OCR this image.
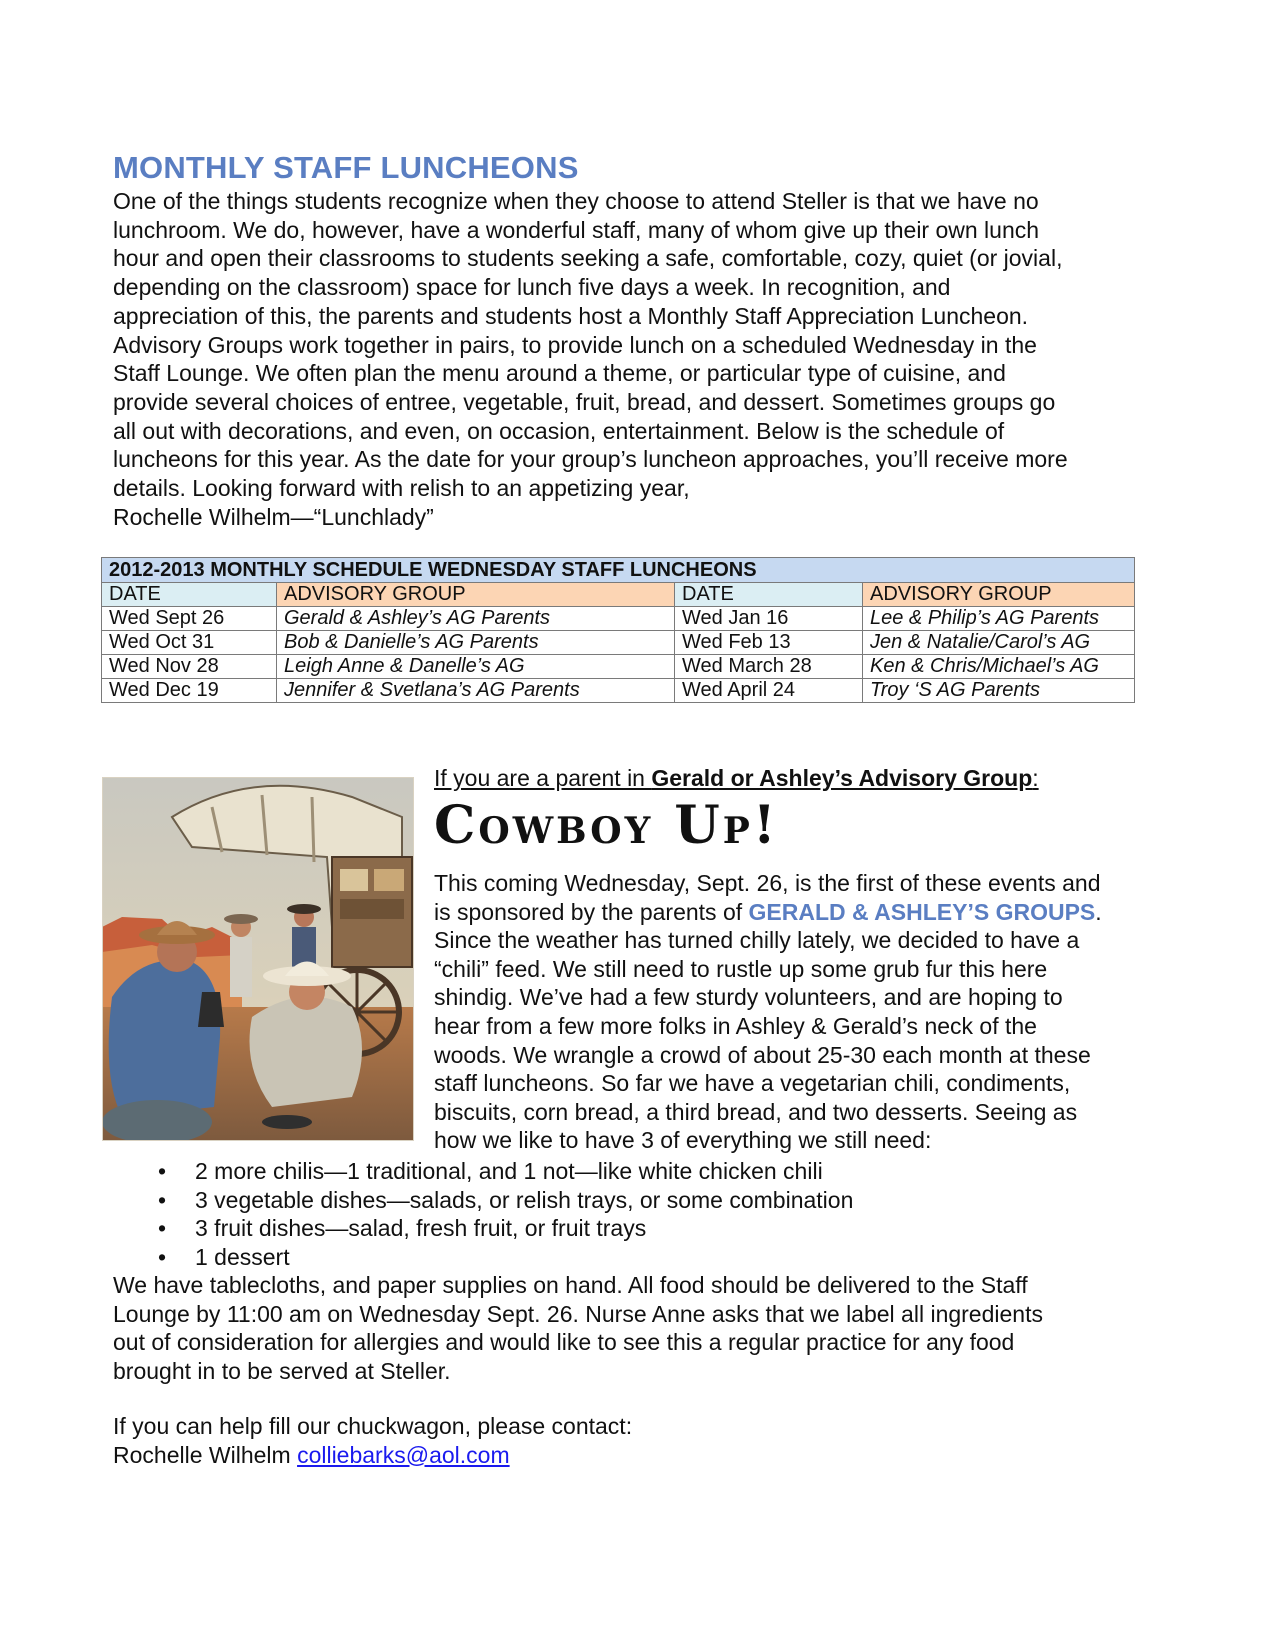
MONTHLY STAFF LUNCHEONS
One of the things students recognize when they choose to attend Steller is that we have no
lunchroom. We do, however, have a wonderful staff, many of whom give up their own lunch
hour and open their classrooms to students seeking a safe, comfortable, cozy, quiet (or jovial,
depending on the classroom) space for lunch five days a week. In recognition, and
appreciation of this, the parents and students host a Monthly Staff Appreciation Luncheon.
Advisory Groups work together in pairs, to provide lunch on a scheduled Wednesday in the
Staff Lounge. We often plan the menu around a theme, or particular type of cuisine, and
provide several choices of entree, vegetable, fruit, bread, and dessert. Sometimes groups go
all out with decorations, and even, on occasion, entertainment. Below is the schedule of
luncheons for this year. As the date for your group’s luncheon approaches, you’ll receive more
details. Looking forward with relish to an appetizing year,
Rochelle Wilhelm—“Lunchlady”
2012-2013 MONTHLY SCHEDULE WEDNESDAY STAFF LUNCHEONS			
DATE	ADVISORY GROUP	DATE	ADVISORY GROUP
Wed Sept 26	Gerald & Ashley’s AG Parents	Wed Jan 16	Lee & Philip’s AG Parents
Wed Oct 31	Bob & Danielle’s AG Parents	Wed Feb 13	Jen & Natalie/Carol’s AG
Wed Nov 28	Leigh Anne & Danelle’s AG	Wed March 28	Ken & Chris/Michael’s AG
Wed Dec 19	Jennifer & Svetlana’s AG Parents	Wed April 24	Troy ‘S AG Parents
If you are a parent in Gerald or Ashley’s Advisory Group:
Cowboy Up!
This coming Wednesday, Sept. 26, is the first of these events and
is sponsored by the parents of GERALD & ASHLEY’S GROUPS.
Since the weather has turned chilly lately, we decided to have a
“chili” feed. We still need to rustle up some grub fur this here
shindig. We’ve had a few sturdy volunteers, and are hoping to
hear from a few more folks in Ashley & Gerald’s neck of the
woods. We wrangle a crowd of about 25-30 each month at these
staff luncheons. So far we have a vegetarian chili, condiments,
biscuits, corn bread, a third bread, and two desserts. Seeing as
how we like to have 3 of everything we still need:
• 2 more chilis—1 traditional, and 1 not—like white chicken chili
• 3 vegetable dishes—salads, or relish trays, or some combination
• 3 fruit dishes—salad, fresh fruit, or fruit trays
• 1 dessert
We have tablecloths, and paper supplies on hand. All food should be delivered to the Staff
Lounge by 11:00 am on Wednesday Sept. 26. Nurse Anne asks that we label all ingredients
out of consideration for allergies and would like to see this a regular practice for any food
brought in to be served at Steller.
If you can help fill our chuckwagon, please contact:
Rochelle Wilhelm colliebarks@aol.com
